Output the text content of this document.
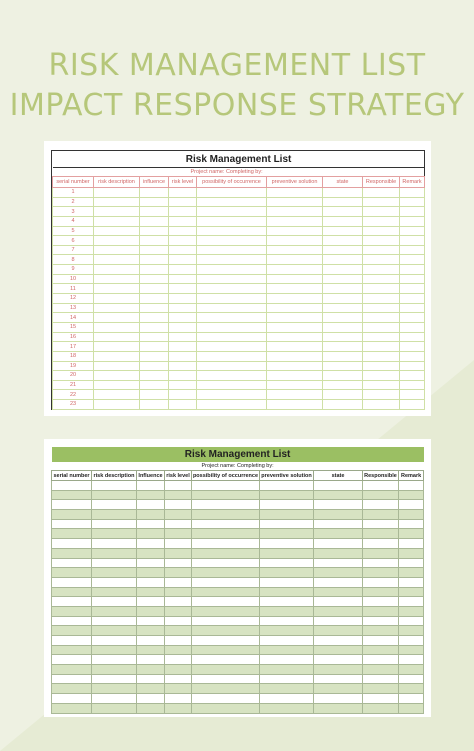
RISK MANAGEMENT LIST
IMPACT RESPONSE STRATEGY
Risk Management List								
Project name: Completing by:								
serial number	risk description	influence	risk level	possibility of occurrence	preventive solution	state	Responsible	Remark
1								
2								
3								
4								
5								
6								
7								
8								
9								
10								
11								
12								
13								
14								
15								
16								
17								
18								
19								
20								
21								
22								
23								
Risk Management List								
Project name: Completing by:								
serial number	risk description	Influence	risk level	possibility of occurrence	preventive solution	state	Responsible	Remark
